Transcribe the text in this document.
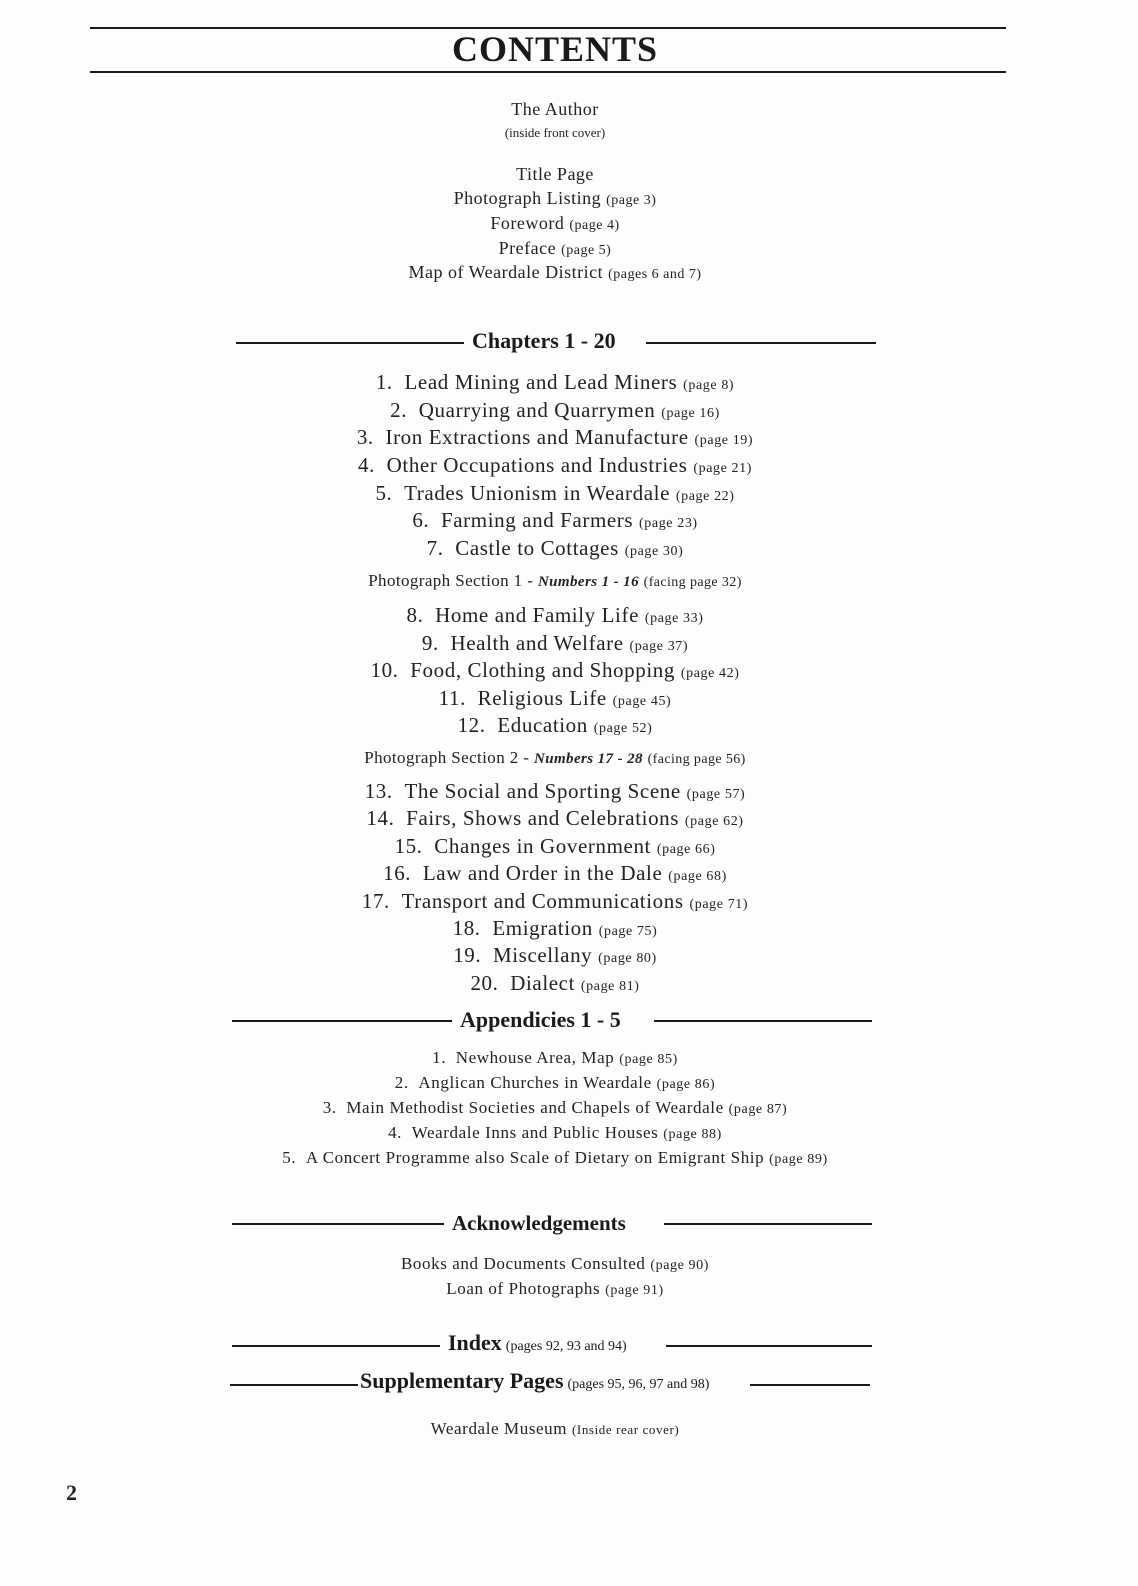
CONTENTS
The Author
(inside front cover)
Title Page
Photograph Listing (page 3)
Foreword (page 4)
Preface (page 5)
Map of Weardale District (pages 6 and 7)
Chapters 1 - 20
1. Lead Mining and Lead Miners (page 8)
2. Quarrying and Quarrymen (page 16)
3. Iron Extractions and Manufacture (page 19)
4. Other Occupations and Industries (page 21)
5. Trades Unionism in Weardale (page 22)
6. Farming and Farmers (page 23)
7. Castle to Cottages (page 30)
Photograph Section 1 - Numbers 1 - 16 (facing page 32)
8. Home and Family Life (page 33)
9. Health and Welfare (page 37)
10. Food, Clothing and Shopping (page 42)
11. Religious Life (page 45)
12. Education (page 52)
Photograph Section 2 - Numbers 17 - 28 (facing page 56)
13. The Social and Sporting Scene (page 57)
14. Fairs, Shows and Celebrations (page 62)
15. Changes in Government (page 66)
16. Law and Order in the Dale (page 68)
17. Transport and Communications (page 71)
18. Emigration (page 75)
19. Miscellany (page 80)
20. Dialect (page 81)
Appendicies 1 - 5
1. Newhouse Area, Map (page 85)
2. Anglican Churches in Weardale (page 86)
3. Main Methodist Societies and Chapels of Weardale (page 87)
4. Weardale Inns and Public Houses (page 88)
5. A Concert Programme also Scale of Dietary on Emigrant Ship (page 89)
Acknowledgements
Books and Documents Consulted (page 90)
Loan of Photographs (page 91)
Index (pages 92, 93 and 94)
Supplementary Pages (pages 95, 96, 97 and 98)
Weardale Museum (Inside rear cover)
2
